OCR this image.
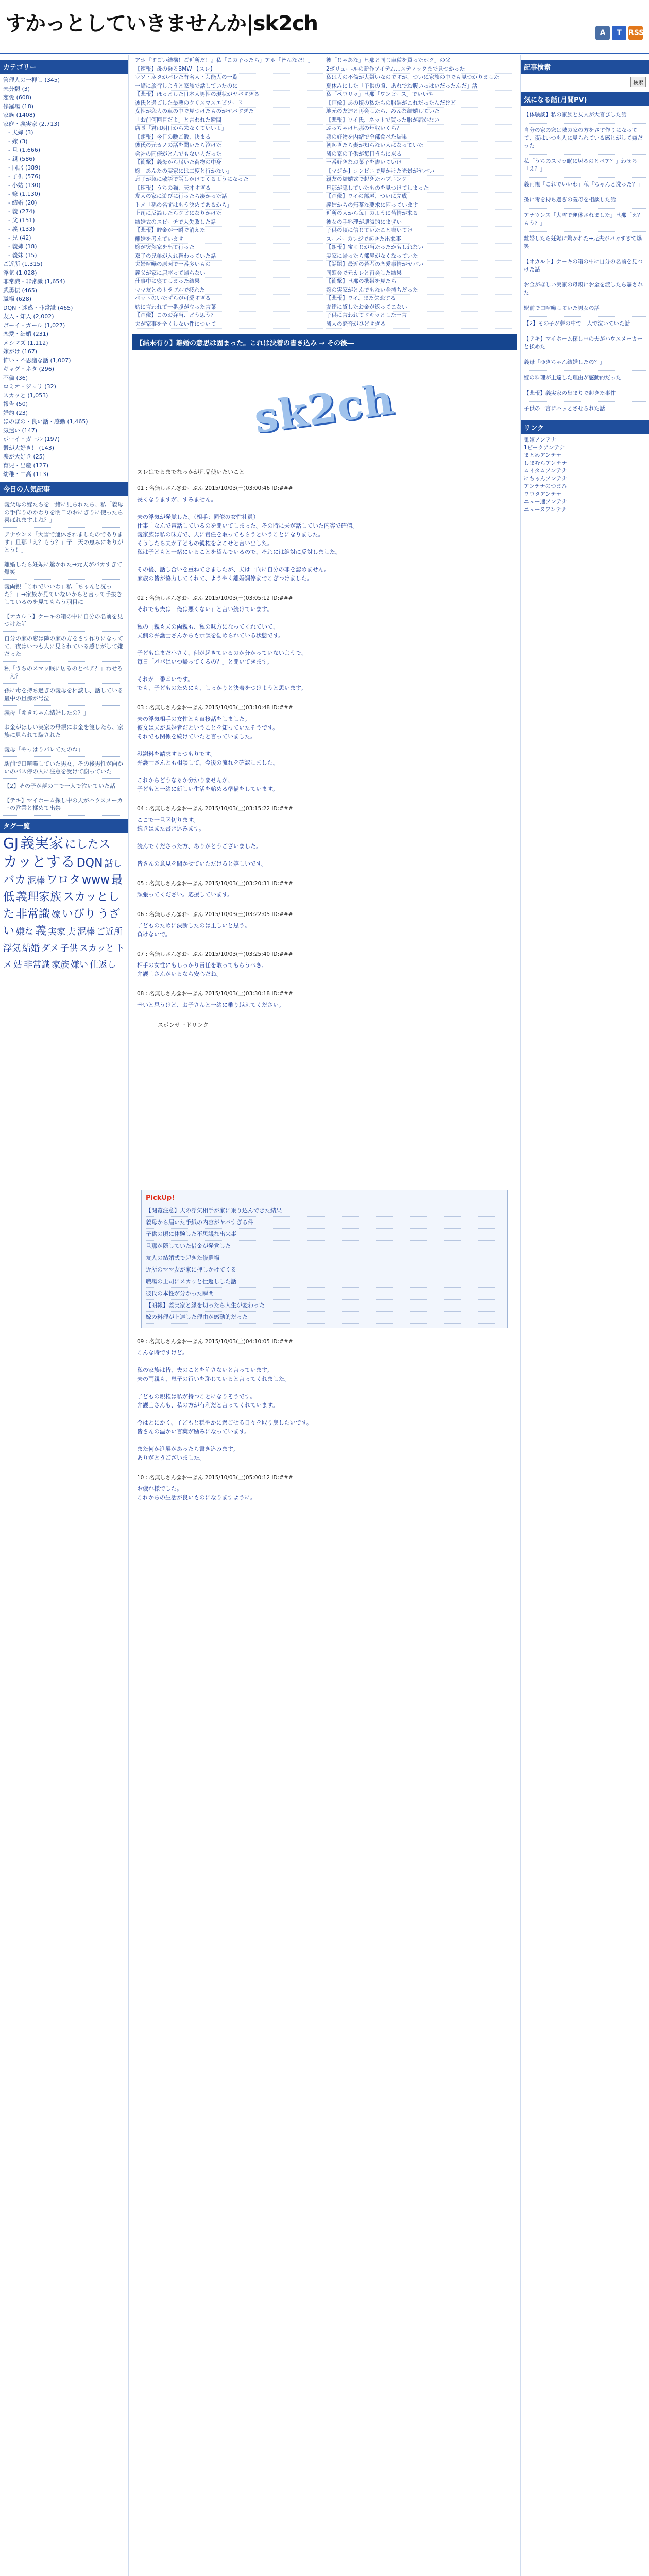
すかっとしていきませんか|sk2ch	A	T RSS
カテゴリー
管理人の一押し (345)
未分類 (3)
恋愛 (608)
修羅場 (18)
家族 (1408)
家庭・義実家 (2,713)
- 夫婦 (3)
- 嫁 (3)
- 旦 (1,666)
- 親 (586)
- 同居 (389)
- 子供 (576)
- 小姑 (130)
- 嫁 (1,130)
- 結婚 (20)
- 義 (274)
- 父 (151)
- 義 (133)
- 兄 (42)
- 義姉 (18)
- 義妹 (15)
ご近所 (1,315)
浮気 (1,028)
非常識・非常識 (1,654)
武勇伝 (465)
職場 (628)
DQN・迷惑・非常識 (465)
友人・知人 (2,002)
ボーイ・ガール (1,027)
恋愛・結婚 (231)
メシマズ (1,112)
嫁がけ (167)
怖い・不思議な話 (1,007)
ギャグ・ネタ (296)
不倫 (36)
ロミオ・ジュリ (32)
スカッと (1,053)
報告 (50)
婚約 (23)
ほのぼの・良い話・感動 (1,465)
気遣い (147)
ボーイ・ガール (197)
鬱が大好き！ (143)
涙が大好き (25)
育児・出産 (127)
幼稚・中高 (113)
今日の人気記事
義父母の嫁たちを一緒に見られたら、私「義母の手作りのかわりを明日のおにぎりに使ったら喜ばれますよね？」
アナウンス「大雪で運休されましたのであります」旦那「え？もう？」子「天の恵みにありがとう！」
離婚したら妊娠に驚かれた→元夫がバカすぎて爆笑
義両親「これでいいわ」私「ちゃんと洗った？」→家族が見ていないからと言って手抜きしているのを見てもらう羽目に
【オカルト】ケーキの箱の中に自分の名前を見つけた話
自分の家の窓は隣の家の方をさす作りになってて、夜はいつも人に見られている感じがして嫌だった
私「うちのスマッ眠に居るのとペア？」わせろ「え？」
孫に毒を持ち過ぎの義母を相談し、話している最中の旦那が号泣
義母「ゆきちゃん結婚したの？」
お金がほしい実家の母親にお金を渡したら、家族に見られて騙された
義母「やっぱりバレてたのね」
駅前で口喧嘩していた男女、その後男性が向かいのバス停の人に注意を受けて謝っていた
【2】その子が夢の中で一人で泣いていた話
【テキ】マイホーム探し中の夫がハウスメーカーの営業と揉めて出禁
タグ一覧
GJ 義実家 にしたスカッとする DQN 話しバカ 泥棒 ワロタ www 最低 義理家族 スカッとした 非常識 嫁 いびり うざい 嫌な 義 実家 夫 泥棒 ご近所浮気 結婚 ダメ 子供 スカッと トメ 姑 非常識 家族 嫌い 仕返し
アホ『すごい結構！ご近所だ！』私「この子ったら」アホ「皆んなだ！」	彼「じゃあな」旦那と同じ車種を買ったボク」の父
【速報】母の乗るBMW 【スレ】	2ボリュー-ルの新作アイテム...スティックまで見つかった
ウソ・ネタがバレた有名人・芸能人の一覧	私は人の不倫が大嫌いなのですが、ついに家族の中でも見つかりました
一緒に旅行しようと家族で話していたのに	夏休みにした「子供の頃、あれでお腹いっぱいだったんだ」話
【悲報】ほっとした日本人男性の現状がヤバすぎる	私「ペロリッ」旦那「ワンピース」でいいや
彼氏と過ごした最悪のクリスマスエピソード	【画像】あの頃の私たちの服装がこれだったんだけど
女性が恋人の車の中で見つけたものがヤバすぎた	地元の友達と再会したら、みんな結婚していた
「お前何回目だよ」と言われた瞬間	【悲報】ワイ氏、ネットで買った服が届かない
店長「君は明日から来なくていいよ」	ぶっちゃけ旦那の年収いくら？
【朗報】今日の晩ご飯、決まる	嫁の好物を内緒で全部食べた結果
彼氏の元カノの話を聞いたら泣けた	朝起きたら妻が知らない人になっていた
会社の同僚がとんでもない人だった	隣の家の子供が毎日うちに来る
【衝撃】義母から届いた荷物の中身	一番好きなお菓子を書いていけ
嫁「あんたの実家には二度と行かない」	【マジか】コンビニで見かけた光景がヤバい
息子が急に敬語で話しかけてくるようになった	親友の結婚式で起きたハプニング
【速報】うちの猫、天才すぎる	旦那が隠していたものを見つけてしまった
友人の家に遊びに行ったら凄かった話	【画像】ワイの部屋、ついに完成
トメ「孫の名前はもう決めてあるから」	義姉からの無茶な要求に困っています
上司に反論したらクビになりかけた	近所の人から毎日のように苦情が来る
結婚式のスピーチで大失敗した話	彼女の手料理が壊滅的にまずい
【悲報】貯金が一瞬で消えた	子供の頃に信じていたこと書いてけ
離婚を考えています	スーパーのレジで起きた出来事
嫁が突然家を出て行った	【朗報】宝くじが当たったかもしれない
双子の兄弟が入れ替わっていた話	実家に帰ったら部屋がなくなっていた
夫婦喧嘩の原因で一番多いもの	【話題】最近の若者の恋愛事情がヤバい
義父が家に居座って帰らない	同窓会で元カレと再会した結果
仕事中に寝てしまった結果	【衝撃】旦那の携帯を見たら
ママ友とのトラブルで疲れた	嫁の実家がとんでもない金持ちだった
ペットのいたずらが可愛すぎる	【悲報】ワイ、また失恋する
姑に言われて一番腹が立った言葉	友達に貸したお金が返ってこない
【画像】このお弁当、どう思う？	子供に言われてドキッとした一言
夫が家事を全くしない件について	隣人の騒音がひどすぎる
【結末有り】離婚の意思は固まった。これは決着の書き込み → その後―
sk2ch
スレはでるまでなっかが凡品使いたいこと
01 : 名無しさん@おーぷん 2015/10/03(土)03:00:46 ID:###
長くなりますが、すみません。

夫の浮気が発覚した。（相手：同僚の女性社員）
仕事中なんで電話しているのを聞いてしまった。その時に夫が話していた内容で確信。
義家族は私の味方で、夫に責任を取ってもらうということになりました。
そうしたら夫が子どもの親権をよこせと言い出した。
私は子どもと一緒にいることを望んでいるので、それには絶対に反対しました。

その後、話し合いを重ねてきましたが、夫は一向に自分の非を認めません。
家族の皆が協力してくれて、ようやく離婚調停までこぎつけました。
02 : 名無しさん@おーぷん 2015/10/03(土)03:05:12 ID:###
それでも夫は「俺は悪くない」と言い続けています。

私の両親も夫の両親も、私の味方になってくれていて、
夫側の弁護士さんからも示談を勧められている状態です。

子どもはまだ小さく、何が起きているのか分かっていないようで、
毎日「パパはいつ帰ってくるの？」と聞いてきます。

それが一番辛いです。
でも、子どものためにも、しっかりと決着をつけようと思います。
03 : 名無しさん@おーぷん 2015/10/03(土)03:10:48 ID:###
夫の浮気相手の女性とも直接話をしました。
彼女は夫が既婚者だということを知っていたそうです。
それでも関係を続けていたと言っていました。

慰謝料を請求するつもりです。
弁護士さんとも相談して、今後の流れを確認しました。

これからどうなるか分かりませんが、
子どもと一緒に新しい生活を始める準備をしています。
04 : 名無しさん@おーぷん 2015/10/03(土)03:15:22 ID:###
ここで一旦区切ります。
続きはまた書き込みます。

読んでくださった方、ありがとうございました。

皆さんの意見を聞かせていただけると嬉しいです。
05 : 名無しさん@おーぷん 2015/10/03(土)03:20:31 ID:###
頑張ってください。応援しています。
06 : 名無しさん@おーぷん 2015/10/03(土)03:22:05 ID:###
子どものために決断したのは正しいと思う。
負けないで。
07 : 名無しさん@おーぷん 2015/10/03(土)03:25:40 ID:###
相手の女性にもしっかり責任を取ってもらうべき。
弁護士さんがいるなら安心だね。
08 : 名無しさん@おーぷん 2015/10/03(土)03:30:18 ID:###
辛いと思うけど、お子さんと一緒に乗り越えてください。
スポンサードリンク
PickUp!
【閲覧注意】夫の浮気相手が家に乗り込んできた結果
義母から届いた手紙の内容がヤバすぎる件
子供の頃に体験した不思議な出来事
旦那が隠していた借金が発覚した
友人の結婚式で起きた修羅場
近所のママ友が家に押しかけてくる
職場の上司にスカッと仕返しした話
彼氏の本性が分かった瞬間
【朗報】義実家と縁を切ったら人生が変わった
嫁の料理が上達した理由が感動的だった
09 : 名無しさん@おーぷん 2015/10/03(土)04:10:05 ID:###
こんな時ですけど。

私の家族は皆、夫のことを許さないと言っています。
夫の両親も、息子の行いを恥じていると言ってくれました。

子どもの親権は私が持つことになりそうです。
弁護士さんも、私の方が有利だと言ってくれています。

今はとにかく、子どもと穏やかに過ごせる日々を取り戻したいです。
皆さんの温かい言葉が励みになっています。

また何か進展があったら書き込みます。
ありがとうございました。
10 : 名無しさん@おーぷん 2015/10/03(土)05:00:12 ID:###
お疲れ様でした。
これからの生活が良いものになりますように。
記事検索
検索
気になる話(月間PV)
【体験談】私の家族と友人が大喜びした話
自分の家の窓は隣の家の方をさす作りになってて、夜はいつも人に見られている感じがして嫌だった
私「うちのスマッ眠に居るのとペア？」わせろ「え？」
義両親「これでいいわ」私「ちゃんと洗った？」
孫に毒を持ち過ぎの義母を相談した話
アナウンス「大雪で運休されました」旦那「え？もう？」
離婚したら妊娠に驚かれた→元夫がバカすぎて爆笑
【オカルト】ケーキの箱の中に自分の名前を見つけた話
お金がほしい実家の母親にお金を渡したら騙された
駅前で口喧嘩していた男女の話
【2】その子が夢の中で一人で泣いていた話
【テキ】マイホーム探し中の夫がハウスメーカーと揉めた
義母「ゆきちゃん結婚したの？」
嫁の料理が上達した理由が感動的だった
【悲報】義実家の集まりで起きた事件
子供の一言にハッとさせられた話
リンク
鬼嫁アンテナ
1ピークアンテナ
まとめアンテナ
しまむらアンテナ
ムイタムアンテナ
にちゃんアンテナ
アンテナのつまみ
ワロタアンテナ
ニュー速アンテナ
ニュースアンテナ
